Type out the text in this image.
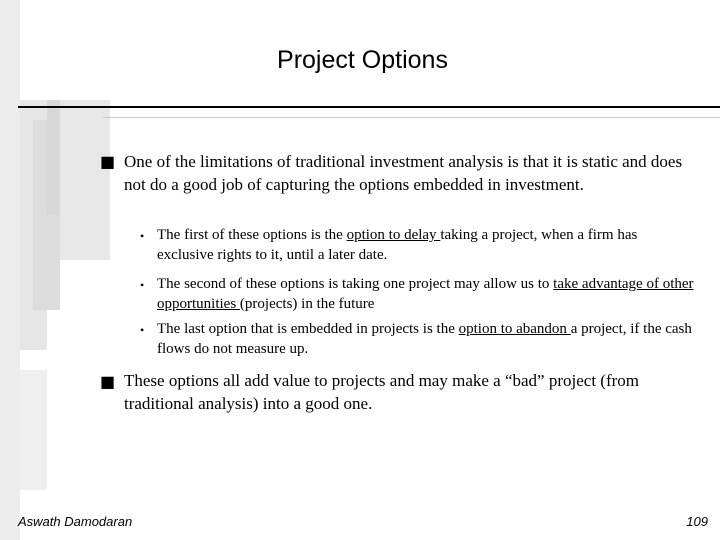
Project Options
■ One of the limitations of traditional investment analysis is that it is static and does not do a good job of capturing the options embedded in investment.
• The first of these options is the option to delay taking a project, when a firm has exclusive rights to it, until a later date.
• The second of these options is taking one project may allow us to take advantage of other opportunities (projects) in the future
• The last option that is embedded in projects is the option to abandon a project, if the cash flows do not measure up.
■ These options all add value to projects and may make a “bad” project (from traditional analysis) into a good one.
Aswath Damodaran	109
